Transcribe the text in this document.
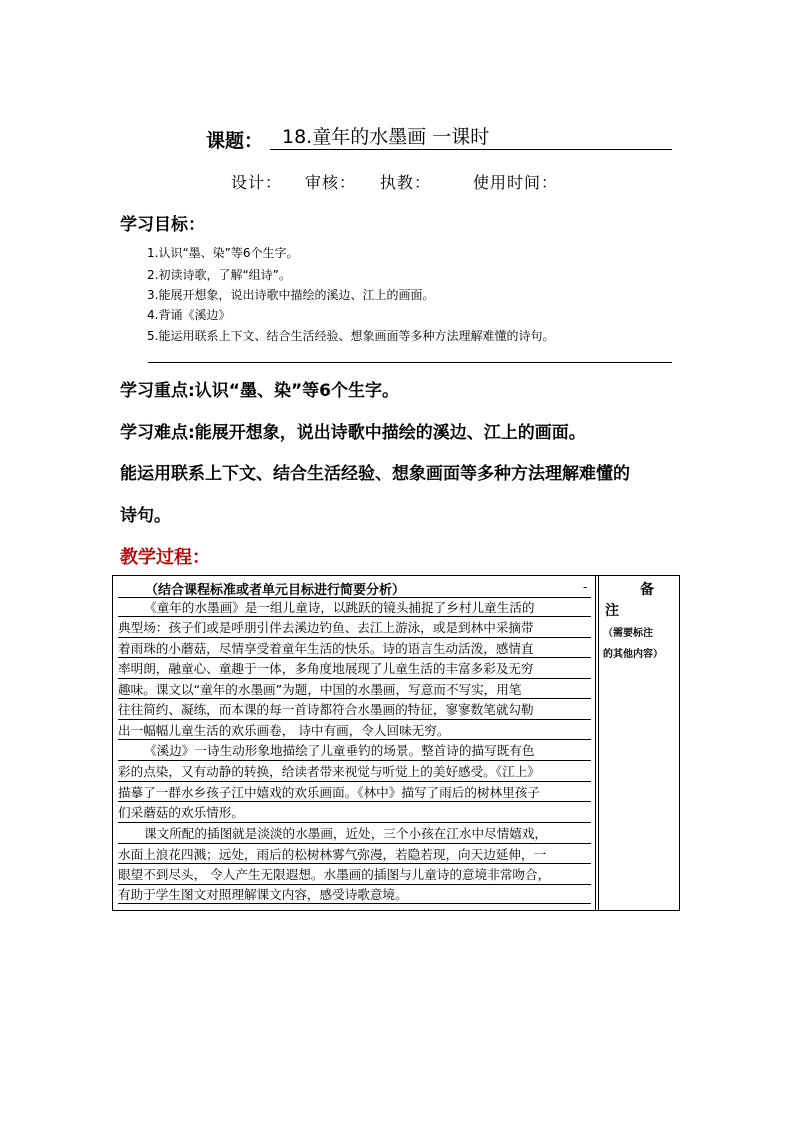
课题： 18.童年的水墨画 一课时
设计： 审核： 执教：	使用时间：
学习目标：
1.认识“墨、染”等6个生字。
2.初读诗歌，了解“组诗”。
3.能展开想象，说出诗歌中描绘的溪边、江上的画面。
4.背诵《溪边》
5.能运用联系上下文、结合生活经验、想象画面等多种方法理解难懂的诗句。
学习重点:认识“墨、染”等6个生字。
学习难点:能展开想象，说出诗歌中描绘的溪边、江上的画面。
能运用联系上下文、结合生活经验、想象画面等多种方法理解难懂的
诗句。
教学过程：
（结合课程标准或者单元目标进行简要分析）	-
《童年的水墨画》是一组儿童诗，以跳跃的镜头捕捉了乡村儿童生活的
典型场：孩子们或是呼朋引伴去溪边钓鱼、去江上游泳，或是到林中采摘带
着雨珠的小蘑菇，尽情享受着童年生活的快乐。诗的语言生动活泼，感情直
率明朗，融童心、童趣于一体，多角度地展现了儿童生活的丰富多彩及无穷
趣味。课文以“童年的水墨画”为题，中国的水墨画，写意而不写实，用笔
往往简约、凝练，而本课的每一首诗都符合水墨画的特征，寥寥数笔就勾勒
出一幅幅儿童生活的欢乐画卷， 诗中有画，令人回味无穷。
《溪边》一诗生动形象地描绘了儿童垂钓的场景。整首诗的描写既有色
彩的点染，又有动静的转换，给读者带来视觉与听觉上的美好感受。《江上》
描摹了一群水乡孩子江中嬉戏的欢乐画面。《林中》描写了雨后的树林里孩子
们采蘑菇的欢乐情形。
课文所配的插图就是淡淡的水墨画，近处，三个小孩在江水中尽情嬉戏，
水面上浪花四溅；远处，雨后的松树林雾气弥漫，若隐若现，向天边延伸，一
眼望不到尽头， 令人产生无限遐想。水墨画的插图与儿童诗的意境非常吻合，
有助于学生图文对照理解课文内容，感受诗歌意境。
备
注
（需要标注
的其他内容）
